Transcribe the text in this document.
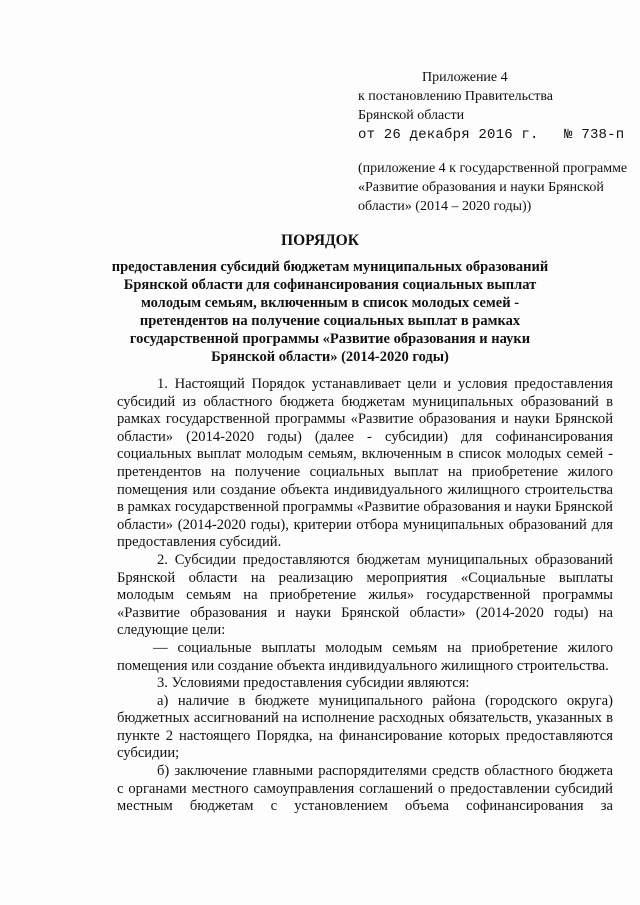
Приложение 4
к постановлению Правительства
Брянской области
от 26 декабря 2016 г. № 738-п
(приложение 4 к государственной программе «Развитие образования и науки Брянской области» (2014 – 2020 годы))
ПОРЯДОК
предоставления субсидий бюджетам муниципальных образований Брянской области для софинансирования социальных выплат молодым семьям, включенным в список молодых семей - претендентов на получение социальных выплат в рамках государственной программы «Развитие образования и науки Брянской области» (2014-2020 годы)

1. Настоящий Порядок устанавливает цели и условия предоставления субсидий из областного бюджета бюджетам муниципальных образований в рамках государственной программы «Развитие образования и науки Брянской области» (2014-2020 годы) (далее - субсидии) для софинансирования социальных выплат молодым семьям, включенным в список молодых семей - претендентов на получение социальных выплат на приобретение жилого помещения или создание объекта индивидуального жилищного строительства в рамках государственной программы «Развитие образования и науки Брянской области» (2014-2020 годы), критерии отбора муниципальных образований для предоставления субсидий.

2. Субсидии предоставляются бюджетам муниципальных образований Брянской области на реализацию мероприятия «Социальные выплаты молодым семьям на приобретение жилья» государственной программы «Развитие образования и науки Брянской области» (2014-2020 годы) на следующие цели:

— социальные выплаты молодым семьям на приобретение жилого помещения или создание объекта индивидуального жилищного строительства.

3. Условиями предоставления субсидии являются:

а) наличие в бюджете муниципального района (городского округа) бюджетных ассигнований на исполнение расходных обязательств, указанных в пункте 2 настоящего Порядка, на финансирование которых предоставляются субсидии;

б) заключение главными распорядителями средств областного бюджета с органами местного самоуправления соглашений о предоставлении субсидий местным бюджетам с установлением объема софинансирования за
